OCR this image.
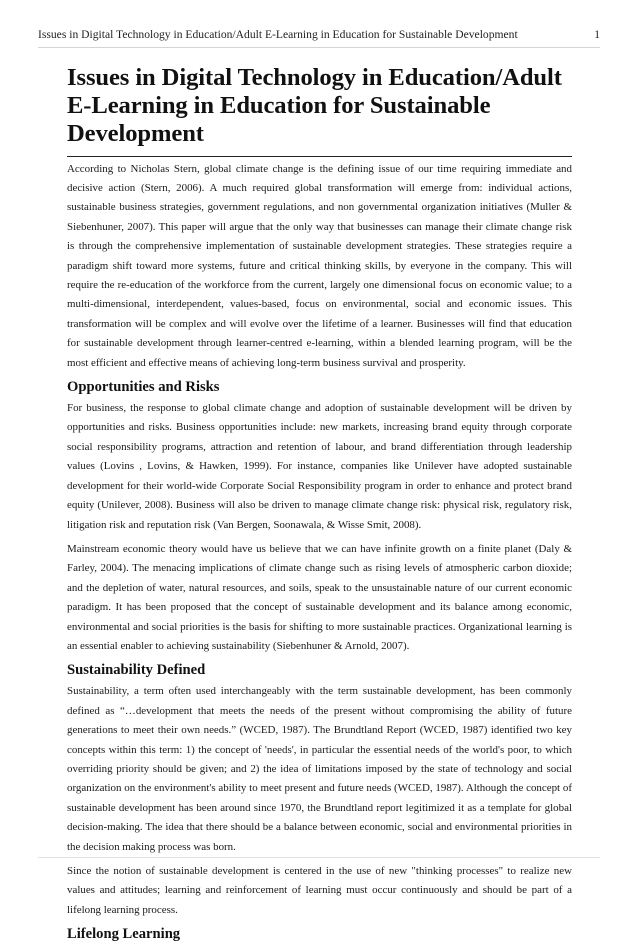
Issues in Digital Technology in Education/Adult E-Learning in Education for Sustainable Development	1
Issues in Digital Technology in Education/Adult E-Learning in Education for Sustainable Development

According to Nicholas Stern, global climate change is the defining issue of our time requiring immediate and decisive action (Stern, 2006). A much required global transformation will emerge from: individual actions, sustainable business strategies, government regulations, and non governmental organization initiatives (Muller & Siebenhuner, 2007). This paper will argue that the only way that businesses can manage their climate change risk is through the comprehensive implementation of sustainable development strategies. These strategies require a paradigm shift toward more systems, future and critical thinking skills, by everyone in the company. This will require the re-education of the workforce from the current, largely one dimensional focus on economic value; to a multi-dimensional, interdependent, values-based, focus on environmental, social and economic issues. This transformation will be complex and will evolve over the lifetime of a learner. Businesses will find that education for sustainable development through learner-centred e-learning, within a blended learning program, will be the most efficient and effective means of achieving long-term business survival and prosperity.

Opportunities and Risks

For business, the response to global climate change and adoption of sustainable development will be driven by opportunities and risks. Business opportunities include: new markets, increasing brand equity through corporate social responsibility programs, attraction and retention of labour, and brand differentiation through leadership values (Lovins , Lovins, & Hawken, 1999). For instance, companies like Unilever have adopted sustainable development for their world-wide Corporate Social Responsibility program in order to enhance and protect brand equity (Unilever, 2008). Business will also be driven to manage climate change risk: physical risk, regulatory risk, litigation risk and reputation risk (Van Bergen, Soonawala, & Wisse Smit, 2008).

Mainstream economic theory would have us believe that we can have infinite growth on a finite planet (Daly & Farley, 2004). The menacing implications of climate change such as rising levels of atmospheric carbon dioxide; and the depletion of water, natural resources, and soils, speak to the unsustainable nature of our current economic paradigm. It has been proposed that the concept of sustainable development and its balance among economic, environmental and social priorities is the basis for shifting to more sustainable practices. Organizational learning is an essential enabler to achieving sustainability (Siebenhuner & Arnold, 2007).

Sustainability Defined

Sustainability, a term often used interchangeably with the term sustainable development, has been commonly defined as “…development that meets the needs of the present without compromising the ability of future generations to meet their own needs.” (WCED, 1987). The Brundtland Report (WCED, 1987) identified two key concepts within this term: 1) the concept of 'needs', in particular the essential needs of the world's poor, to which overriding priority should be given; and 2) the idea of limitations imposed by the state of technology and social organization on the environment's ability to meet present and future needs (WCED, 1987). Although the concept of sustainable development has been around since 1970, the Brundtland report legitimized it as a template for global decision-making. The idea that there should be a balance between economic, social and environmental priorities in the decision making process was born.

Since the notion of sustainable development is centered in the use of new "thinking processes" to realize new values and attitudes; learning and reinforcement of learning must occur continuously and should be part of a lifelong learning process.

Lifelong Learning
